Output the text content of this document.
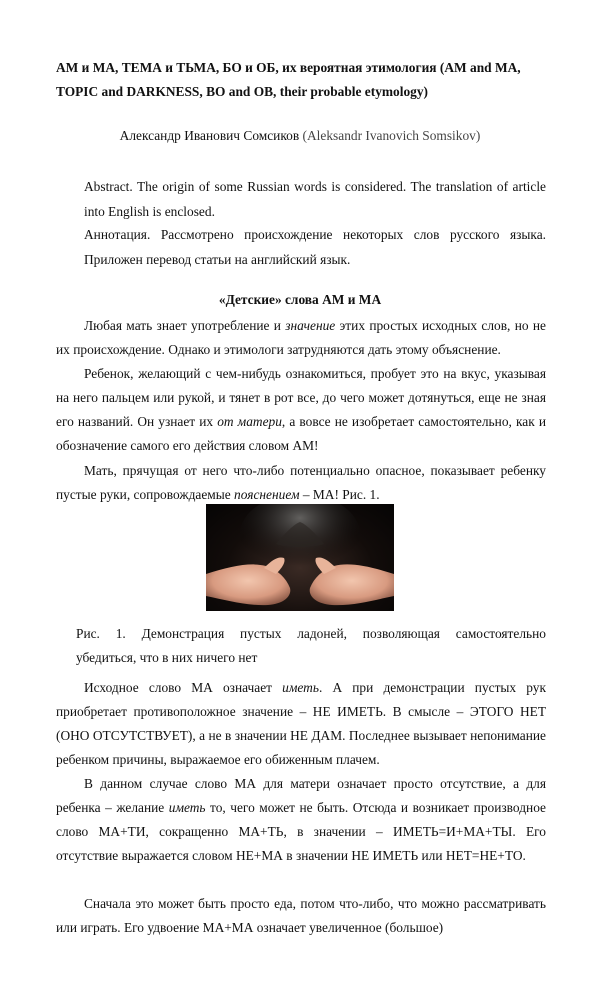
АМ и МА, ТЕМА и ТЬМА, БО и ОБ, их вероятная этимология (AM and MA, TOPIC and DARKNESS, BO and OB, their probable etymology)

Александр Иванович Сомсиков (Aleksandr Ivanovich Somsikov)

Abstract. The origin of some Russian words is considered. The translation of article into English is enclosed.

Аннотация. Рассмотрено происхождение некоторых слов русского языка. Приложен перевод статьи на английский язык.

«Детские» слова АМ и МА

Любая мать знает употребление и значение этих простых исходных слов, но не их происхождение. Однако и этимологи затрудняются дать этому объяснение.

Ребенок, желающий с чем-нибудь ознакомиться, пробует это на вкус, указывая на него пальцем или рукой, и тянет в рот все, до чего может дотянуться, еще не зная его названий. Он узнает их от матери, а вовсе не изобретает самостоятельно, как и обозначение самого его действия словом АМ!

Мать, прячущая от него что-либо потенциально опасное, показывает ребенку пустые руки, сопровождаемые пояснением – МА! Рис. 1.

Рис. 1. Демонстрация пустых ладоней, позволяющая самостоятельно
убедиться, что в них ничего нет

Исходное слово МА означает иметь. А при демонстрации пустых рук приобретает противоположное значение – НЕ ИМЕТЬ. В смысле – ЭТОГО НЕТ (ОНО ОТСУТСТВУЕТ), а не в значении НЕ ДАМ. Последнее вызывает непонимание ребенком причины, выражаемое его обиженным плачем.

В данном случае слово МА для матери означает просто отсутствие, а для ребенка – желание иметь то, чего может не быть. Отсюда и возникает производное слово МА+ТИ, сокращенно МА+ТЬ, в значении – ИМЕТЬ=И+МА+ТЫ. Его отсутствие выражается словом НЕ+МА в значении НЕ ИМЕТЬ или НЕТ=НЕ+ТО.

Сначала это может быть просто еда, потом что-либо, что можно рассматривать или играть. Его удвоение МА+МА означает увеличенное (большое)
